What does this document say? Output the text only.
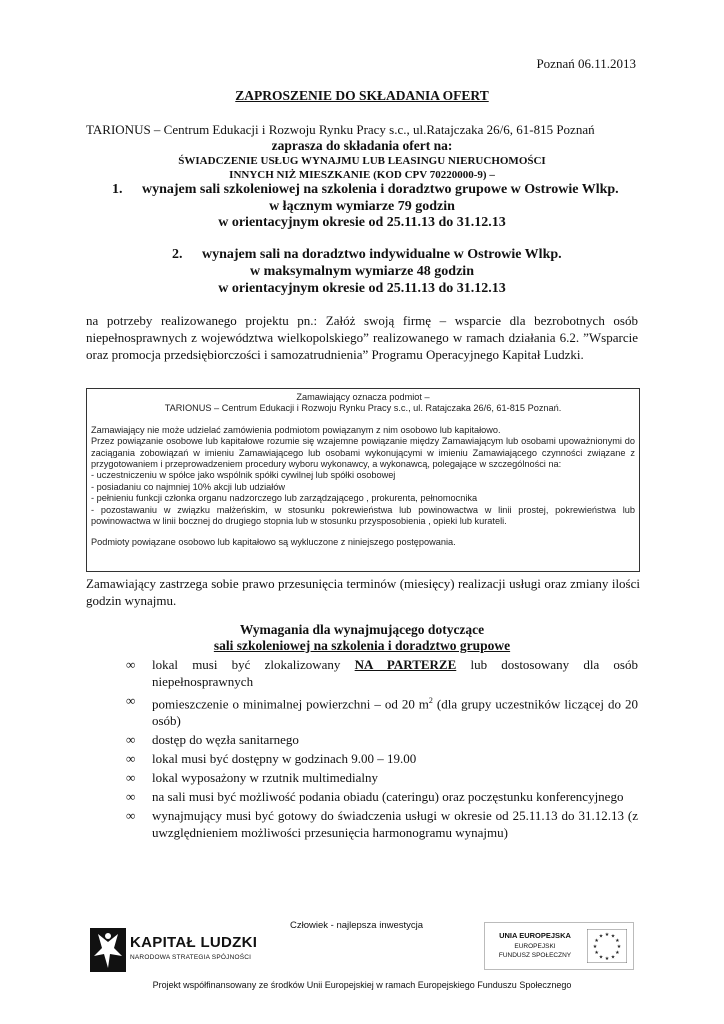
Poznań 06.11.2013
ZAPROSZENIE DO SKŁADANIA OFERT
TARIONUS – Centrum Edukacji i Rozwoju Rynku Pracy s.c., ul.Ratajczaka 26/6, 61-815 Poznań
zaprasza do składania ofert na:
ŚWIADCZENIE USŁUG WYNAJMU LUB LEASINGU NIERUCHOMOŚCI
INNYCH NIŻ MIESZKANIE (KOD CPV 70220000-9) –
1. wynajem sali szkoleniowej na szkolenia i doradztwo grupowe w Ostrowie Wlkp.
w łącznym wymiarze 79 godzin
w orientacyjnym okresie od 25.11.13 do 31.12.13
2. wynajem sali na doradztwo indywidualne w Ostrowie Wlkp.
w maksymalnym wymiarze 48 godzin
w orientacyjnym okresie od 25.11.13 do 31.12.13
na potrzeby realizowanego projektu pn.: Załóż swoją firmę – wsparcie dla bezrobotnych osób niepełnosprawnych z województwa wielkopolskiego” realizowanego w ramach działania 6.2. ”Wsparcie oraz promocja przedsiębiorczości i samozatrudnienia” Programu Operacyjnego Kapitał Ludzki.
Zamawiający oznacza podmiot –
TARIONUS – Centrum Edukacji i Rozwoju Rynku Pracy s.c., ul. Ratajczaka 26/6, 61-815 Poznań.
Zamawiający nie może udzielać zamówienia podmiotom powiązanym z nim osobowo lub kapitałowo.
Przez powiązanie osobowe lub kapitałowe rozumie się wzajemne powiązanie między Zamawiającym lub osobami upoważnionymi do zaciągania zobowiązań w imieniu Zamawiającego lub osobami wykonującymi w imieniu Zamawiającego czynności związane z przygotowaniem i przeprowadzeniem procedury wyboru wykonawcy, a wykonawcą, polegające w szczególności na:
- uczestniczeniu w spółce jako wspólnik spółki cywilnej lub spółki osobowej
- posiadaniu co najmniej 10% akcji lub udziałów
- pełnieniu funkcji członka organu nadzorczego lub zarządzającego , prokurenta, pełnomocnika
- pozostawaniu w związku małżeńskim, w stosunku pokrewieństwa lub powinowactwa w linii prostej, pokrewieństwa lub powinowactwa w linii bocznej do drugiego stopnia lub w stosunku przysposobienia , opieki lub kurateli.
Podmioty powiązane osobowo lub kapitałowo są wykluczone z niniejszego postępowania.
Zamawiający zastrzega sobie prawo przesunięcia terminów (miesięcy) realizacji usługi oraz zmiany ilości godzin wynajmu.
Wymagania dla wynajmującego dotyczące
sali szkoleniowej na szkolenia i doradztwo grupowe
∞ lokal musi być zlokalizowany NA PARTERZE lub dostosowany dla osób niepełnosprawnych
∞ pomieszczenie o minimalnej powierzchni – od 20 $m^2$ (dla grupy uczestników liczącej do 20 osób)
∞ dostęp do węzła sanitarnego
∞ lokal musi być dostępny w godzinach 9.00 – 19.00
∞ lokal wyposażony w rzutnik multimedialny
∞ na sali musi być możliwość podania obiadu (cateringu) oraz poczęstunku konferencyjnego
∞ wynajmujący musi być gotowy do świadczenia usługi w okresie od 25.11.13 do 31.12.13 (z uwzględnieniem możliwości przesunięcia harmonogramu wynajmu)
Człowiek - najlepsza inwestycja
KAPITAŁ LUDZKI
NARODOWA STRATEGIA SPÓJNOŚCI
UNIA EUROPEJSKA
EUROPEJSKI
FUNDUSZ SPOŁECZNY
★ ★
★
★
★
★
★
★
★
★
★
★
Projekt współfinansowany ze środków Unii Europejskiej w ramach Europejskiego Funduszu Społecznego
